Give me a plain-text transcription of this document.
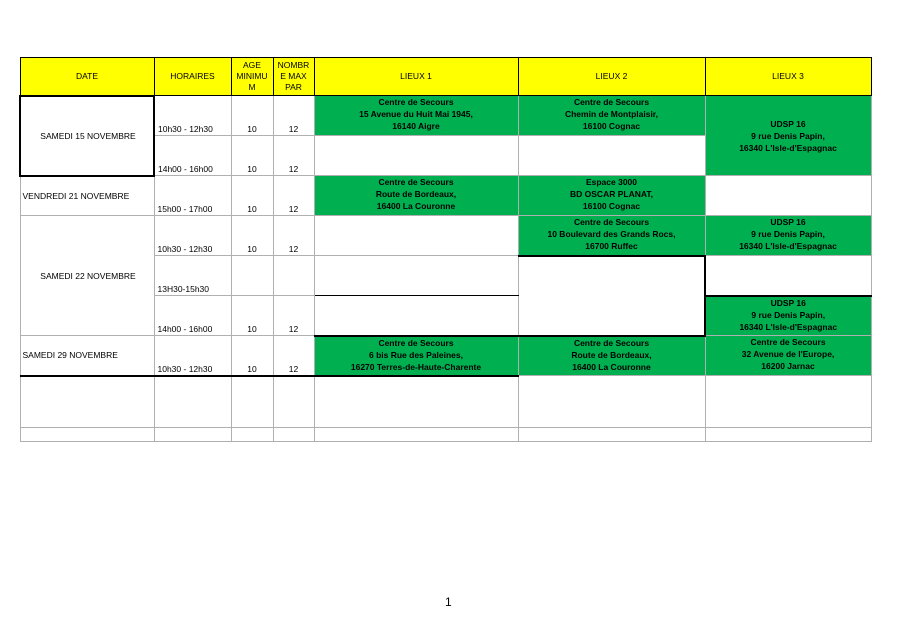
DATE	HORAIRES	AGE
MINIMU
M	NOMBR
E MAX
PAR	LIEUX 1	LIEUX 2	LIEUX 3
SAMEDI 15 NOVEMBRE	10h30 - 12h30	10	12	Centre de Secours
15 Avenue du Huit Mai 1945,
16140 Aigre	Centre de Secours
Chemin de Montplaisir,
16100 Cognac	UDSP 16
9 rue Denis Papin,
16340 L'Isle-d'Espagnac

	14h00 - 16h00	10	12			
VENDREDI 21 NOVEMBRE	15h00 - 17h00	10	12	Centre de Secours
Route de Bordeaux,
16400 La Couronne	Espace 3000
BD OSCAR PLANAT,
16100 Cognac	

SAMEDI 22 NOVEMBRE	10h30 - 12h30	10	12		Centre de Secours
10 Boulevard des Grands Rocs,
16700 Ruffec	UDSP 16
9 rue Denis Papin,
16340 L'Isle-d'Espagnac

	13H30-15h30					
	14h00 - 16h00	10	12			UDSP 16
9 rue Denis Papin,
16340 L'Isle-d'Espagnac

SAMEDI 29 NOVEMBRE	10h30 - 12h30	10	12	Centre de Secours
6 bis Rue des Paleines,
16270 Terres-de-Haute-Charente	Centre de Secours
Route de Bordeaux,
16400 La Couronne	Centre de Secours
32 Avenue de l'Europe,
16200 Jarnac

1
